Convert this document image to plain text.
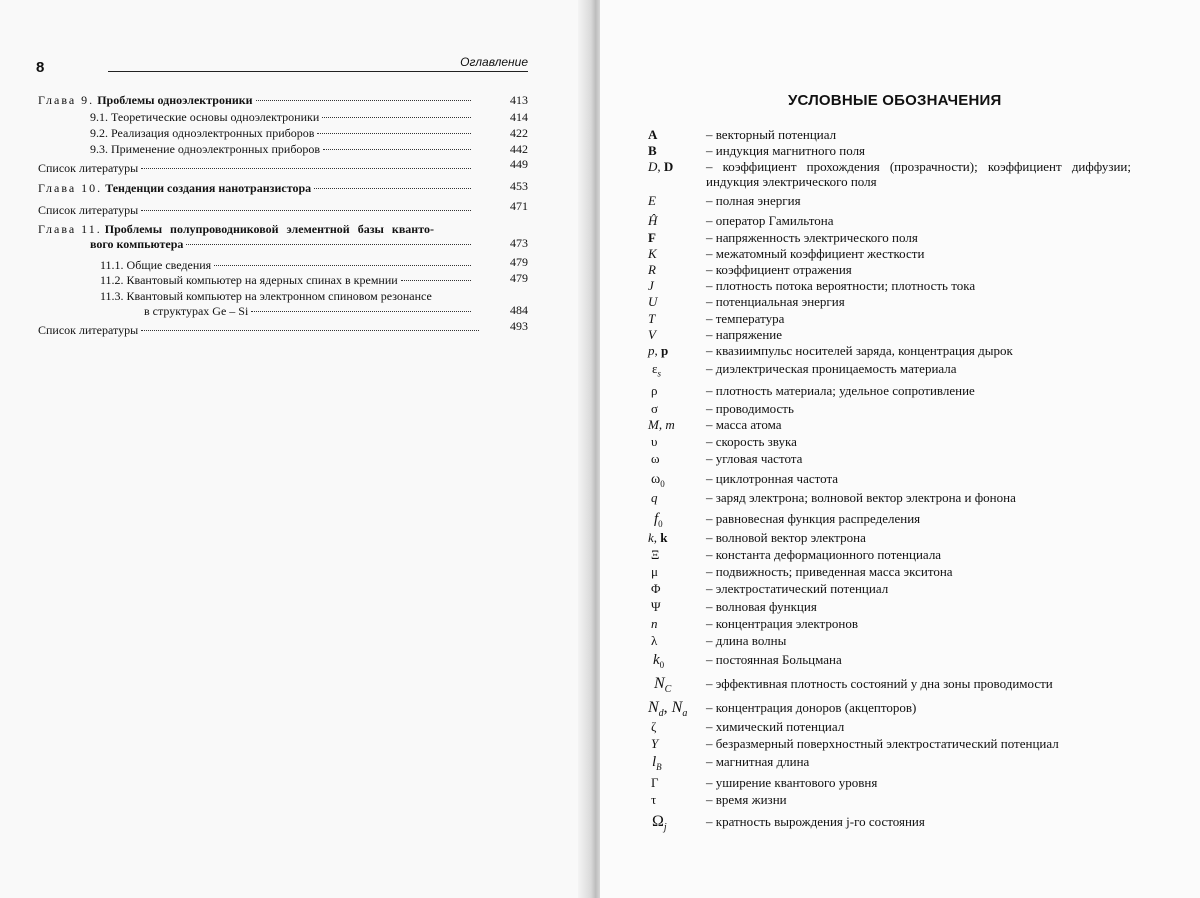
8	Оглавление
Глава 9. Проблемы одноэлектроники	413
9.1. Теоретические основы одноэлектроники	414
9.2. Реализация одноэлектронных приборов	422
9.3. Применение одноэлектронных приборов	442
Список литературы	449
Глава 10. Тенденции создания нанотранзистора	453
Список литературы	471
Глава 11. Проблемы полупроводниковой элементной базы кванто-
вого компьютера	473
11.1. Общие сведения	479
11.2. Квантовый компьютер на ядерных спинах в кремнии	479
11.3. Квантовый компьютер на электронном спиновом резонансе
в структурах Ge – Si	484
Список литературы	493
УСЛОВНЫЕ ОБОЗНАЧЕНИЯ
A	– векторный потенциал
B	– индукция магнитного поля
D, D	– коэффициент прохождения (прозрачности); коэффициент диффузии; индукция электрического поля
E	– полная энергия
Ĥ	– оператор Гамильтона
F	– напряженность электрического поля
K	– межатомный коэффициент жесткости
R	– коэффициент отражения
J	– плотность потока вероятности; плотность тока
U	– потенциальная энергия
T	– температура
V	– напряжение
p, p	– квазиимпульс носителей заряда, концентрация дырок
$\varepsilon_s$	– диэлектрическая проницаемость материала
ρ	– плотность материала; удельное сопротивление
σ	– проводимость
M, m	– масса атома
υ	– скорость звука
ω	– угловая частота
$\omega_0$	– циклотронная частота
q	– заряд электрона; волновой вектор электрона и фонона
$f_0$	– равновесная функция распределения
k, k	– волновой вектор электрона
Ξ	– константа деформационного потенциала
μ	– подвижность; приведенная масса экситона
Φ	– электростатический потенциал
Ψ	– волновая функция
n	– концентрация электронов
λ	– длина волны
$k_0$	– постоянная Больцмана
$N_C$	– эффективная плотность состояний у дна зоны проводимости
$N_d$, $N_a$	– концентрация доноров (акцепторов)
ζ	– химический потенциал
Y	– безразмерный поверхностный электростатический потенциал
$l_B$	– магнитная длина
Γ	– уширение квантового уровня
τ	– время жизни
$\Omega_j$	– кратность вырождения j-го состояния
